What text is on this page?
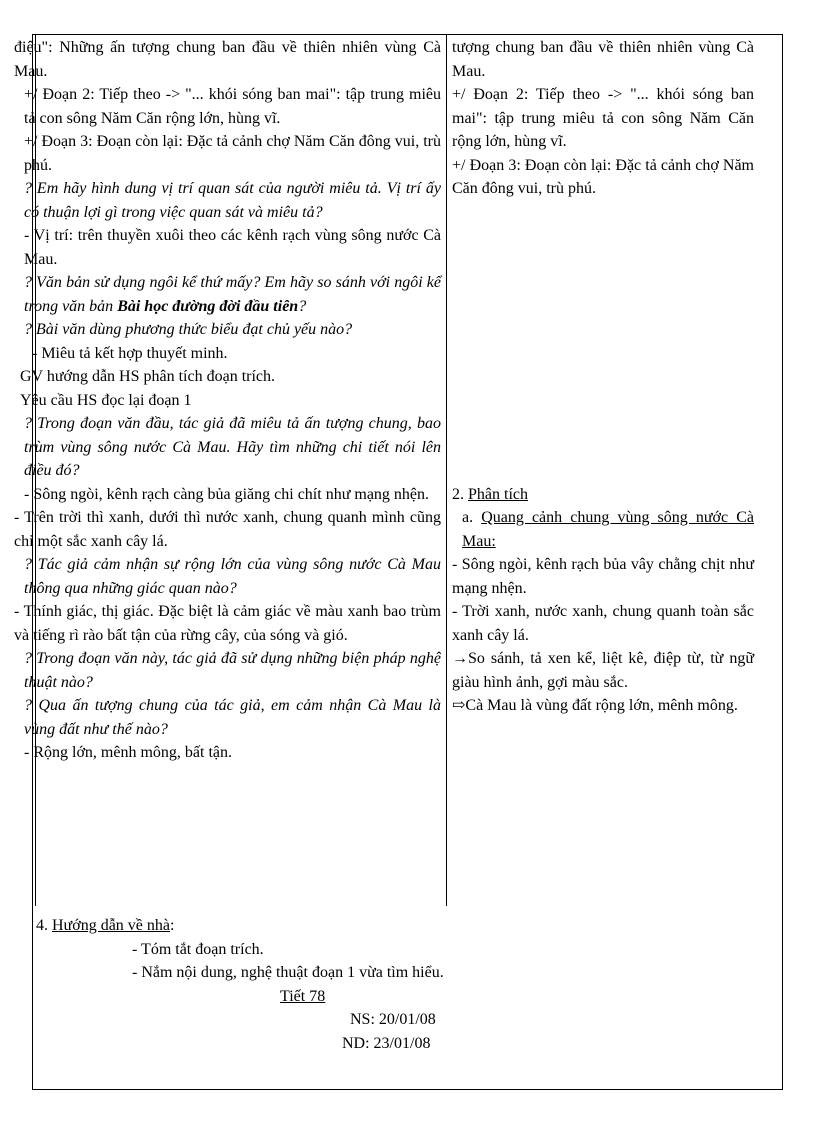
điệu": Những ấn tượng chung ban đầu về thiên nhiên vùng Cà Mau.

+/ Đoạn 2: Tiếp theo -> "... khói sóng ban mai": tập trung miêu tả con sông Năm Căn rộng lớn, hùng vĩ.

+/ Đoạn 3: Đoạn còn lại: Đặc tả cảnh chợ Năm Căn đông vui, trù phú.

? Em hãy hình dung vị trí quan sát của người miêu tả. Vị trí ấy có thuận lợi gì trong việc quan sát và miêu tả?

- Vị trí: trên thuyền xuôi theo các kênh rạch vùng sông nước Cà Mau.

? Văn bản sử dụng ngôi kể thứ mấy? Em hãy so sánh với ngôi kể trong văn bản Bài học đường đời đầu tiên?

? Bài văn dùng phương thức biểu đạt chủ yếu nào?

- Miêu tả kết hợp thuyết minh.

GV hướng dẫn HS phân tích đoạn trích.

Yêu cầu HS đọc lại đoạn 1

? Trong đoạn văn đầu, tác giả đã miêu tả ấn tượng chung, bao trùm vùng sông nước Cà Mau. Hãy tìm những chi tiết nói lên điều đó?

- Sông ngòi, kênh rạch càng bủa giăng chi chít như mạng nhện.

- Trên trời thì xanh, dưới thì nước xanh, chung quanh mình cũng chỉ một sắc xanh cây lá.

? Tác giả cảm nhận sự rộng lớn của vùng sông nước Cà Mau thông qua những giác quan nào?

- Thính giác, thị giác. Đặc biệt là cảm giác về màu xanh bao trùm và tiếng rì rào bất tận của rừng cây, của sóng và gió.

? Trong đoạn văn này, tác giả đã sử dụng những biện pháp nghệ thuật nào?

? Qua ấn tượng chung của tác giả, em cảm nhận Cà Mau là vùng đất như thế nào?

- Rộng lớn, mênh mông, bất tận.

tượng chung ban đầu về thiên nhiên vùng Cà Mau.

+/ Đoạn 2: Tiếp theo -> "... khói sóng ban mai": tập trung miêu tả con sông Năm Căn rộng lớn, hùng vĩ.

+/ Đoạn 3: Đoạn còn lại: Đặc tả cảnh chợ Năm Căn đông vui, trù phú.

2. Phân tích

a. Quang cảnh chung vùng sông nước Cà Mau:

- Sông ngòi, kênh rạch bủa vây chằng chịt như mạng nhện.

- Trời xanh, nước xanh, chung quanh toàn sắc xanh cây lá.

→So sánh, tả xen kể, liệt kê, điệp từ, từ ngữ giàu hình ảnh, gợi màu sắc.

⇨Cà Mau là vùng đất rộng lớn, mênh mông.

4. Hướng dẫn về nhà:

- Tóm tắt đoạn trích.

- Nắm nội dung, nghệ thuật đoạn 1 vừa tìm hiểu.

Tiết 78

NS: 20/01/08

ND: 23/01/08
